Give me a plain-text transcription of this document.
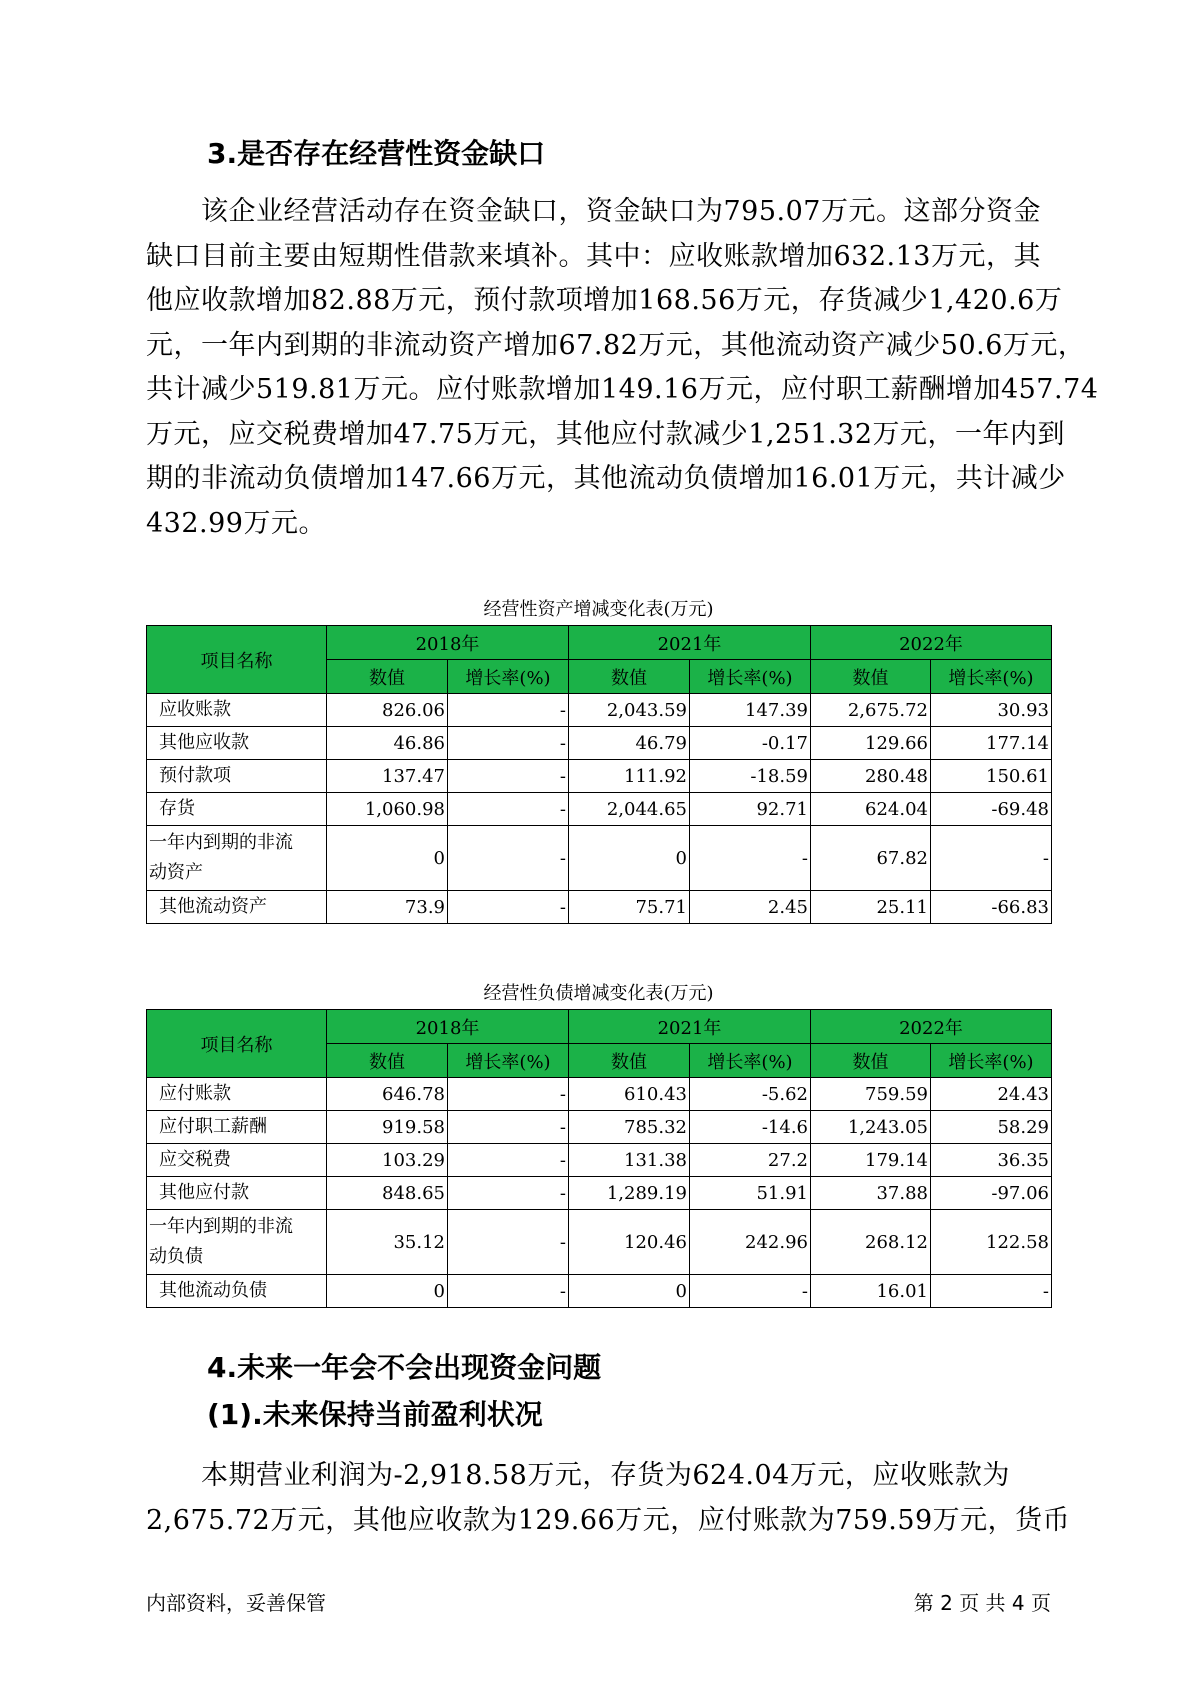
3.是否存在经营性资金缺口

　　该企业经营活动存在资金缺口，资金缺口为795.07万元。这部分资金
缺口目前主要由短期性借款来填补。其中：应收账款增加632.13万元，其
他应收款增加82.88万元，预付款项增加168.56万元，存货减少1,420.6万
元，一年内到期的非流动资产增加67.82万元，其他流动资产减少50.6万元，
共计减少519.81万元。应付账款增加149.16万元，应付职工薪酬增加457.74
万元，应交税费增加47.75万元，其他应付款减少1,251.32万元，一年内到
期的非流动负债增加147.66万元，其他流动负债增加16.01万元，共计减少
432.99万元。

经营性资产增减变化表(万元)

项目名称	2018年		2021年		2022年	
	数值	增长率(%)	数值	增长率(%)	数值	增长率(%)
应收账款	826.06	-	2,043.59	147.39	2,675.72	30.93
其他应收款	46.86	-	46.79	-0.17	129.66	177.14
预付款项	137.47	-	111.92	-18.59	280.48	150.61
存货	1,060.98	-	2,044.65	92.71	624.04	-69.48
一年内到期的非流
动资产	0	-	0	-	67.82	-
其他流动资产	73.9	-	75.71	2.45	25.11	-66.83

经营性负债增减变化表(万元)

项目名称	2018年		2021年		2022年	
	数值	增长率(%)	数值	增长率(%)	数值	增长率(%)
应付账款	646.78	-	610.43	-5.62	759.59	24.43
应付职工薪酬	919.58	-	785.32	-14.6	1,243.05	58.29
应交税费	103.29	-	131.38	27.2	179.14	36.35
其他应付款	848.65	-	1,289.19	51.91	37.88	-97.06
一年内到期的非流
动负债	35.12	-	120.46	242.96	268.12	122.58
其他流动负债	0	-	0	-	16.01	-
4.未来一年会不会出现资金问题
(1).未来保持当前盈利状况

　　本期营业利润为-2,918.58万元，存货为624.04万元，应收账款为
2,675.72万元，其他应收款为129.66万元，应付账款为759.59万元，货币

内部资料，妥善保管	第 2 页 共 4 页
